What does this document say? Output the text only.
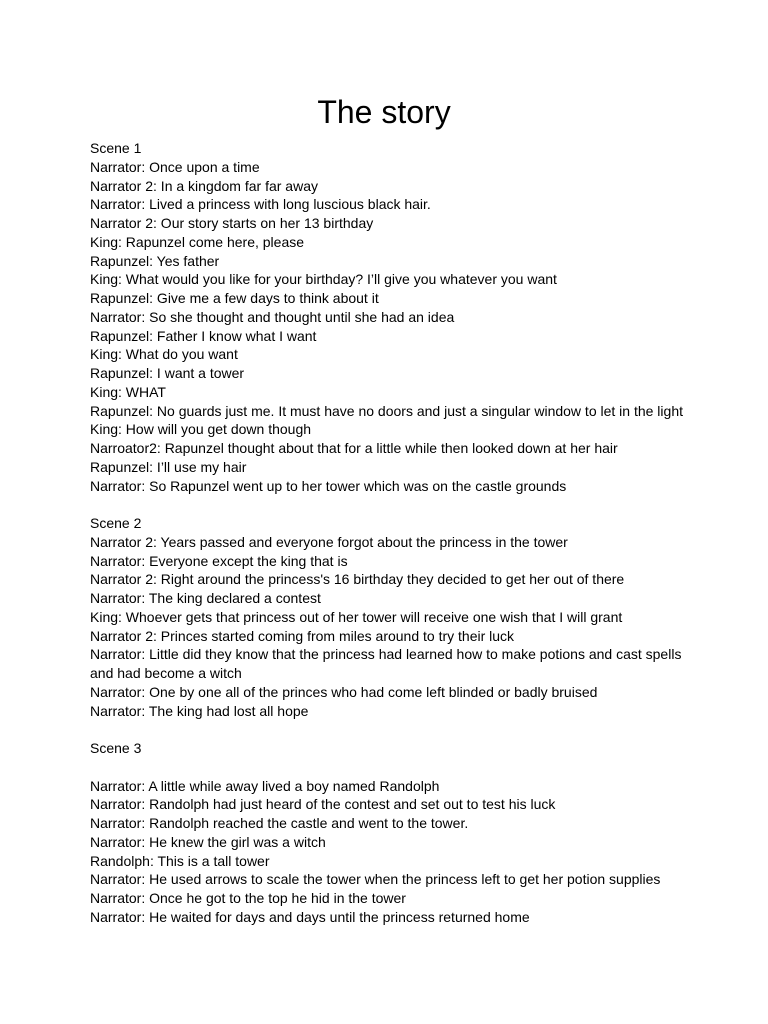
The story

Scene 1

Narrator: Once upon a time

Narrator 2: In a kingdom far far away

Narrator: Lived a princess with long luscious black hair.

Narrator 2: Our story starts on her 13 birthday

King: Rapunzel come here, please

Rapunzel: Yes father

King: What would you like for your birthday? I’ll give you whatever you want

Rapunzel: Give me a few days to think about it

Narrator: So she thought and thought until she had an idea

Rapunzel: Father I know what I want

King: What do you want

Rapunzel: I want a tower

King: WHAT

Rapunzel: No guards just me. It must have no doors and just a singular window to let in the light

King: How will you get down though

Narroator2: Rapunzel thought about that for a little while then looked down at her hair

Rapunzel: I’ll use my hair

Narrator: So Rapunzel went up to her tower which was on the castle grounds

Scene 2

Narrator 2: Years passed and everyone forgot about the princess in the tower

Narrator: Everyone except the king that is

Narrator 2: Right around the princess's 16 birthday they decided to get her out of there

Narrator: The king declared a contest

King: Whoever gets that princess out of her tower will receive one wish that I will grant

Narrator 2: Princes started coming from miles around to try their luck

Narrator: Little did they know that the princess had learned how to make potions and cast spells

and had become a witch

Narrator: One by one all of the princes who had come left blinded or badly bruised

Narrator: The king had lost all hope

Scene 3

Narrator: A little while away lived a boy named Randolph

Narrator: Randolph had just heard of the contest and set out to test his luck

Narrator: Randolph reached the castle and went to the tower.

Narrator: He knew the girl was a witch

Randolph: This is a tall tower

Narrator: He used arrows to scale the tower when the princess left to get her potion supplies

Narrator: Once he got to the top he hid in the tower

Narrator: He waited for days and days until the princess returned home
